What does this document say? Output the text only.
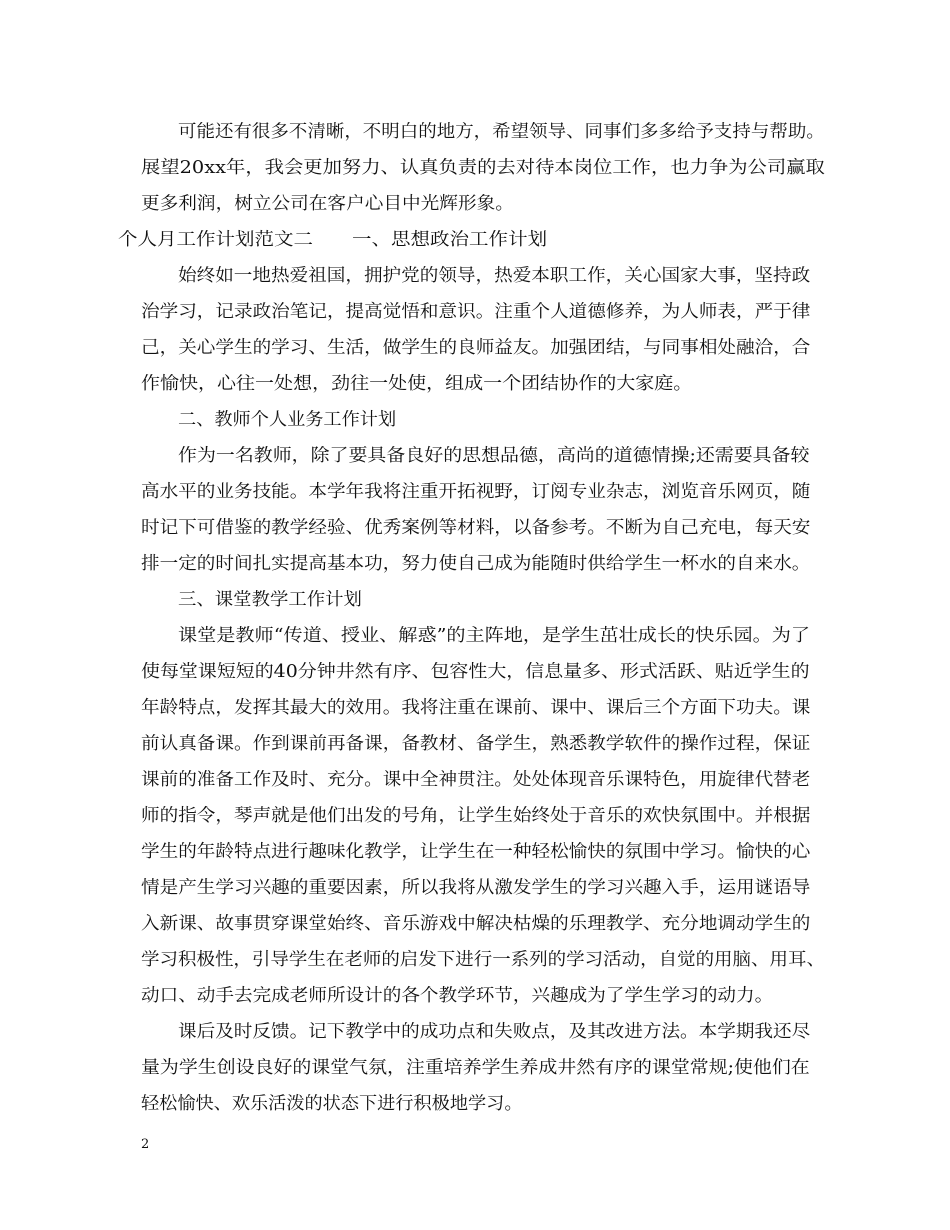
可能还有很多不清晰，不明白的地方，希望领导、同事们多多给予支持与帮助。
展望20xx年，我会更加努力、认真负责的去对待本岗位工作，也力争为公司赢取
更多利润，树立公司在客户心目中光辉形象。
个人月工作计划范文二　　一、思想政治工作计划
始终如一地热爱祖国，拥护党的领导，热爱本职工作，关心国家大事，坚持政
治学习，记录政治笔记，提高觉悟和意识。注重个人道德修养，为人师表，严于律
己，关心学生的学习、生活，做学生的良师益友。加强团结，与同事相处融洽，合
作愉快，心往一处想，劲往一处使，组成一个团结协作的大家庭。
二、教师个人业务工作计划
作为一名教师，除了要具备良好的思想品德，高尚的道德情操;还需要具备较
高水平的业务技能。本学年我将注重开拓视野，订阅专业杂志，浏览音乐网页，随
时记下可借鉴的教学经验、优秀案例等材料，以备参考。不断为自己充电，每天安
排一定的时间扎实提高基本功，努力使自己成为能随时供给学生一杯水的自来水。
三、课堂教学工作计划
课堂是教师“传道、授业、解惑”的主阵地，是学生茁壮成长的快乐园。为了
使每堂课短短的40分钟井然有序、包容性大，信息量多、形式活跃、贴近学生的
年龄特点，发挥其最大的效用。我将注重在课前、课中、课后三个方面下功夫。课
前认真备课。作到课前再备课，备教材、备学生，熟悉教学软件的操作过程，保证
课前的准备工作及时、充分。课中全神贯注。处处体现音乐课特色，用旋律代替老
师的指令，琴声就是他们出发的号角，让学生始终处于音乐的欢快氛围中。并根据
学生的年龄特点进行趣味化教学，让学生在一种轻松愉快的氛围中学习。愉快的心
情是产生学习兴趣的重要因素，所以我将从激发学生的学习兴趣入手，运用谜语导
入新课、故事贯穿课堂始终、音乐游戏中解决枯燥的乐理教学、充分地调动学生的
学习积极性，引导学生在老师的启发下进行一系列的学习活动，自觉的用脑、用耳、
动口、动手去完成老师所设计的各个教学环节，兴趣成为了学生学习的动力。
课后及时反馈。记下教学中的成功点和失败点，及其改进方法。本学期我还尽
量为学生创设良好的课堂气氛，注重培养学生养成井然有序的课堂常规;使他们在
轻松愉快、欢乐活泼的状态下进行积极地学习。
2
